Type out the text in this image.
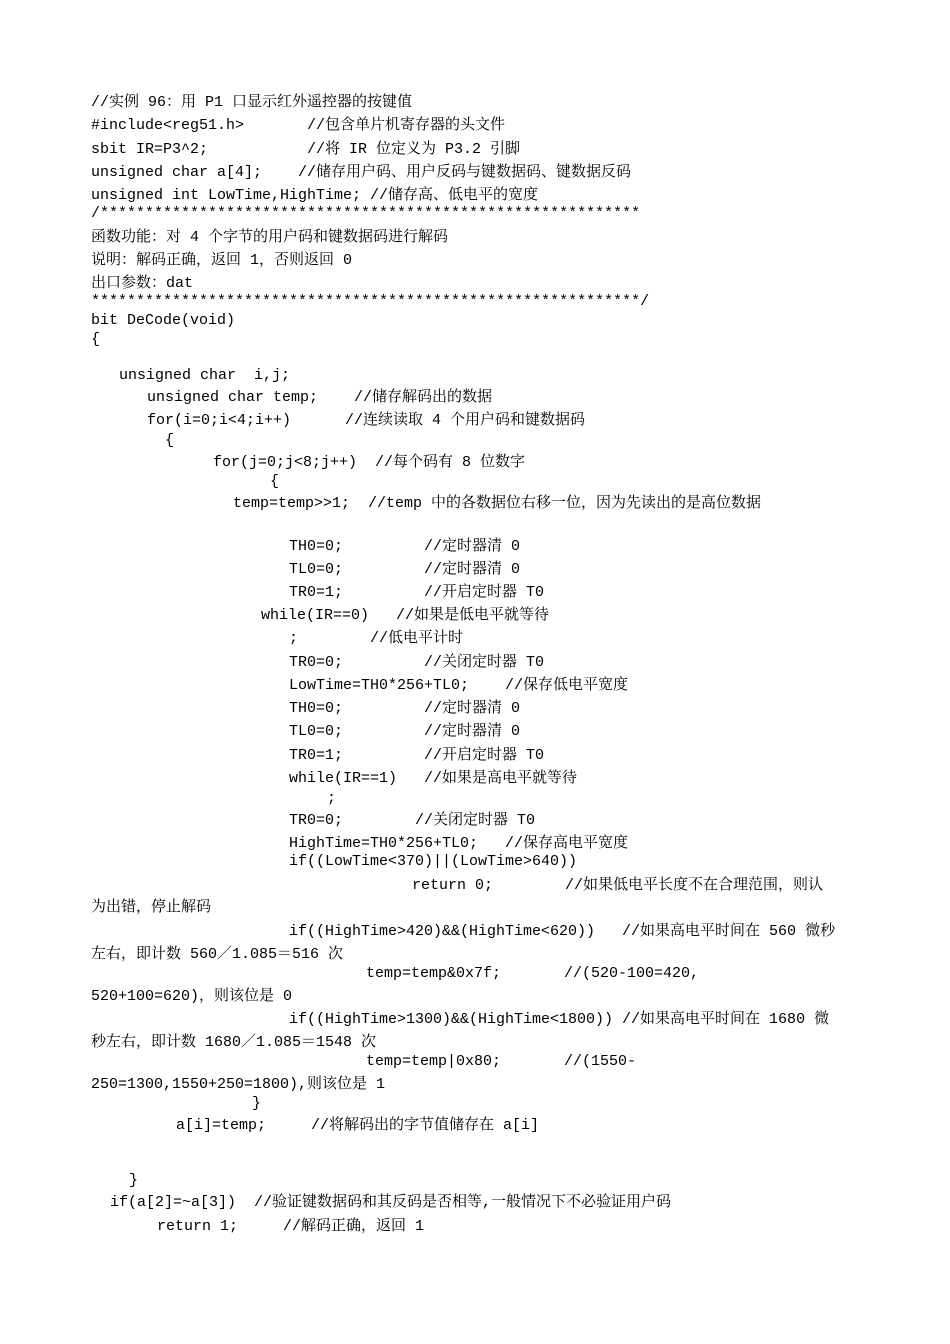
//实例 96：用 P1 口显示红外遥控器的按键值
#include<reg51.h>       //包含单片机寄存器的头文件
sbit IR=P3^2;           //将 IR 位定义为 P3.2 引脚
unsigned char a[4];    //储存用户码、用户反码与键数据码、键数据反码
unsigned int LowTime,HighTime; //储存高、低电平的宽度
/************************************************************
函数功能：对 4 个字节的用户码和键数据码进行解码
说明：解码正确，返回 1，否则返回 0
出口参数：dat
*************************************************************/
bit DeCode(void)
{
unsigned char  i,j;
unsigned char temp;    //储存解码出的数据
for(i=0;i<4;i++)      //连续读取 4 个用户码和键数据码
{
for(j=0;j<8;j++)  //每个码有 8 位数字
{
temp=temp>>1;  //temp 中的各数据位右移一位，因为先读出的是高位数据
TH0=0;         //定时器清 0
TL0=0;         //定时器清 0
TR0=1;         //开启定时器 T0
while(IR==0)   //如果是低电平就等待
;        //低电平计时
TR0=0;         //关闭定时器 T0
LowTime=TH0*256+TL0;    //保存低电平宽度
TH0=0;         //定时器清 0
TL0=0;         //定时器清 0
TR0=1;         //开启定时器 T0
while(IR==1)   //如果是高电平就等待
;
TR0=0;        //关闭定时器 T0
HighTime=TH0*256+TL0;   //保存高电平宽度
if((LowTime<370)||(LowTime>640))
return 0;        //如果低电平长度不在合理范围，则认
为出错，停止解码
if((HighTime>420)&&(HighTime<620))   //如果高电平时间在 560 微秒
左右，即计数 560／1.085＝516 次
temp=temp&0x7f;       //(520-100=420,
520+100=620)，则该位是 0
if((HighTime>1300)&&(HighTime<1800)) //如果高电平时间在 1680 微
秒左右，即计数 1680／1.085＝1548 次
temp=temp|0x80;       //(1550-
250=1300,1550+250=1800),则该位是 1
}
a[i]=temp;     //将解码出的字节值储存在 a[i]
}
if(a[2]=~a[3])  //验证键数据码和其反码是否相等,一般情况下不必验证用户码
return 1;     //解码正确，返回 1
